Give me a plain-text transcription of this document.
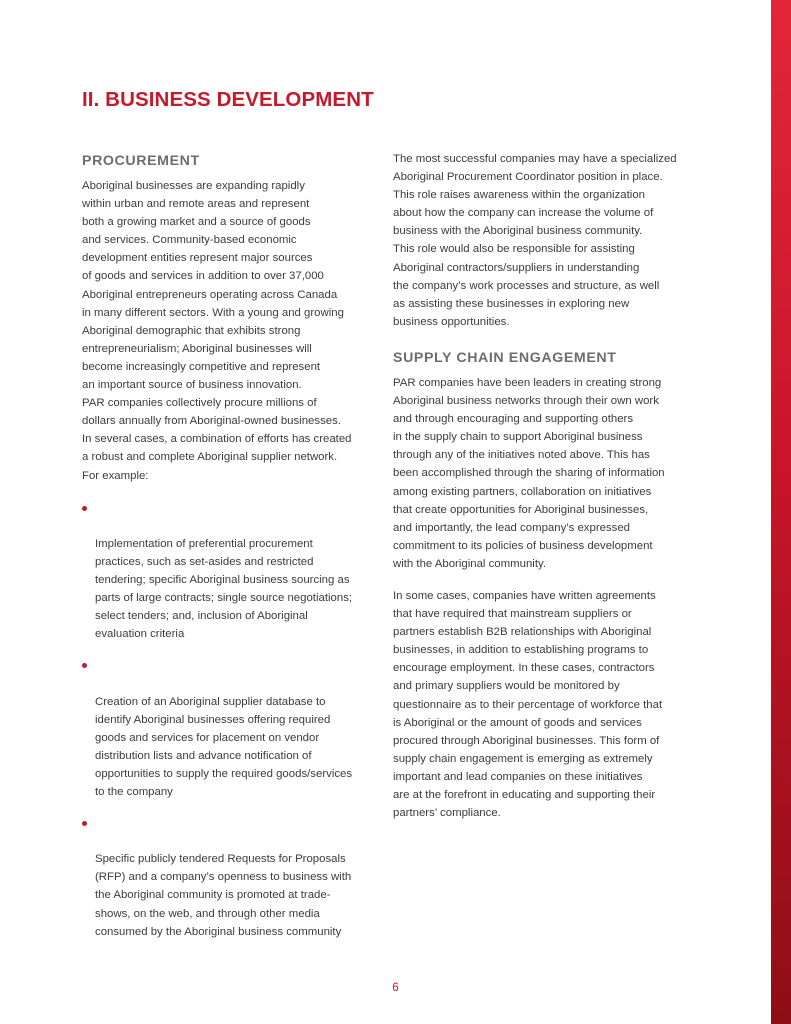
II. BUSINESS DEVELOPMENT
PROCUREMENT

Aboriginal businesses are expanding rapidly
within urban and remote areas and represent
both a growing market and a source of goods
and services. Community-based economic
development entities represent major sources
of goods and services in addition to over 37,000
Aboriginal entrepreneurs operating across Canada
in many different sectors. With a young and growing
Aboriginal demographic that exhibits strong
entrepreneurialism; Aboriginal businesses will
become increasingly competitive and represent
an important source of business innovation.
PAR companies collectively procure millions of
dollars annually from Aboriginal-owned businesses.
In several cases, a combination of efforts has created
a robust and complete Aboriginal supplier network.
For example:

Implementation of preferential procurement
practices, such as set-asides and restricted
tendering; specific Aboriginal business sourcing as
parts of large contracts; single source negotiations;
select tenders; and, inclusion of Aboriginal
evaluation criteria

Creation of an Aboriginal supplier database to
identify Aboriginal businesses offering required
goods and services for placement on vendor
distribution lists and advance notification of
opportunities to supply the required goods/services
to the company

Specific publicly tendered Requests for Proposals
(RFP) and a company’s openness to business with
the Aboriginal community is promoted at trade-
shows, on the web, and through other media
consumed by the Aboriginal business community

The most successful companies may have a specialized
Aboriginal Procurement Coordinator position in place.
This role raises awareness within the organization
about how the company can increase the volume of
business with the Aboriginal business community.
This role would also be responsible for assisting
Aboriginal contractors/suppliers in understanding
the company’s work processes and structure, as well
as assisting these businesses in exploring new
business opportunities.

SUPPLY CHAIN ENGAGEMENT

PAR companies have been leaders in creating strong
Aboriginal business networks through their own work
and through encouraging and supporting others
in the supply chain to support Aboriginal business
through any of the initiatives noted above. This has
been accomplished through the sharing of information
among existing partners, collaboration on initiatives
that create opportunities for Aboriginal businesses,
and importantly, the lead company’s expressed
commitment to its policies of business development
with the Aboriginal community.

In some cases, companies have written agreements
that have required that mainstream suppliers or
partners establish B2B relationships with Aboriginal
businesses, in addition to establishing programs to
encourage employment. In these cases, contractors
and primary suppliers would be monitored by
questionnaire as to their percentage of workforce that
is Aboriginal or the amount of goods and services
procured through Aboriginal businesses. This form of
supply chain engagement is emerging as extremely
important and lead companies on these initiatives
are at the forefront in educating and supporting their
partners’ compliance.

6
